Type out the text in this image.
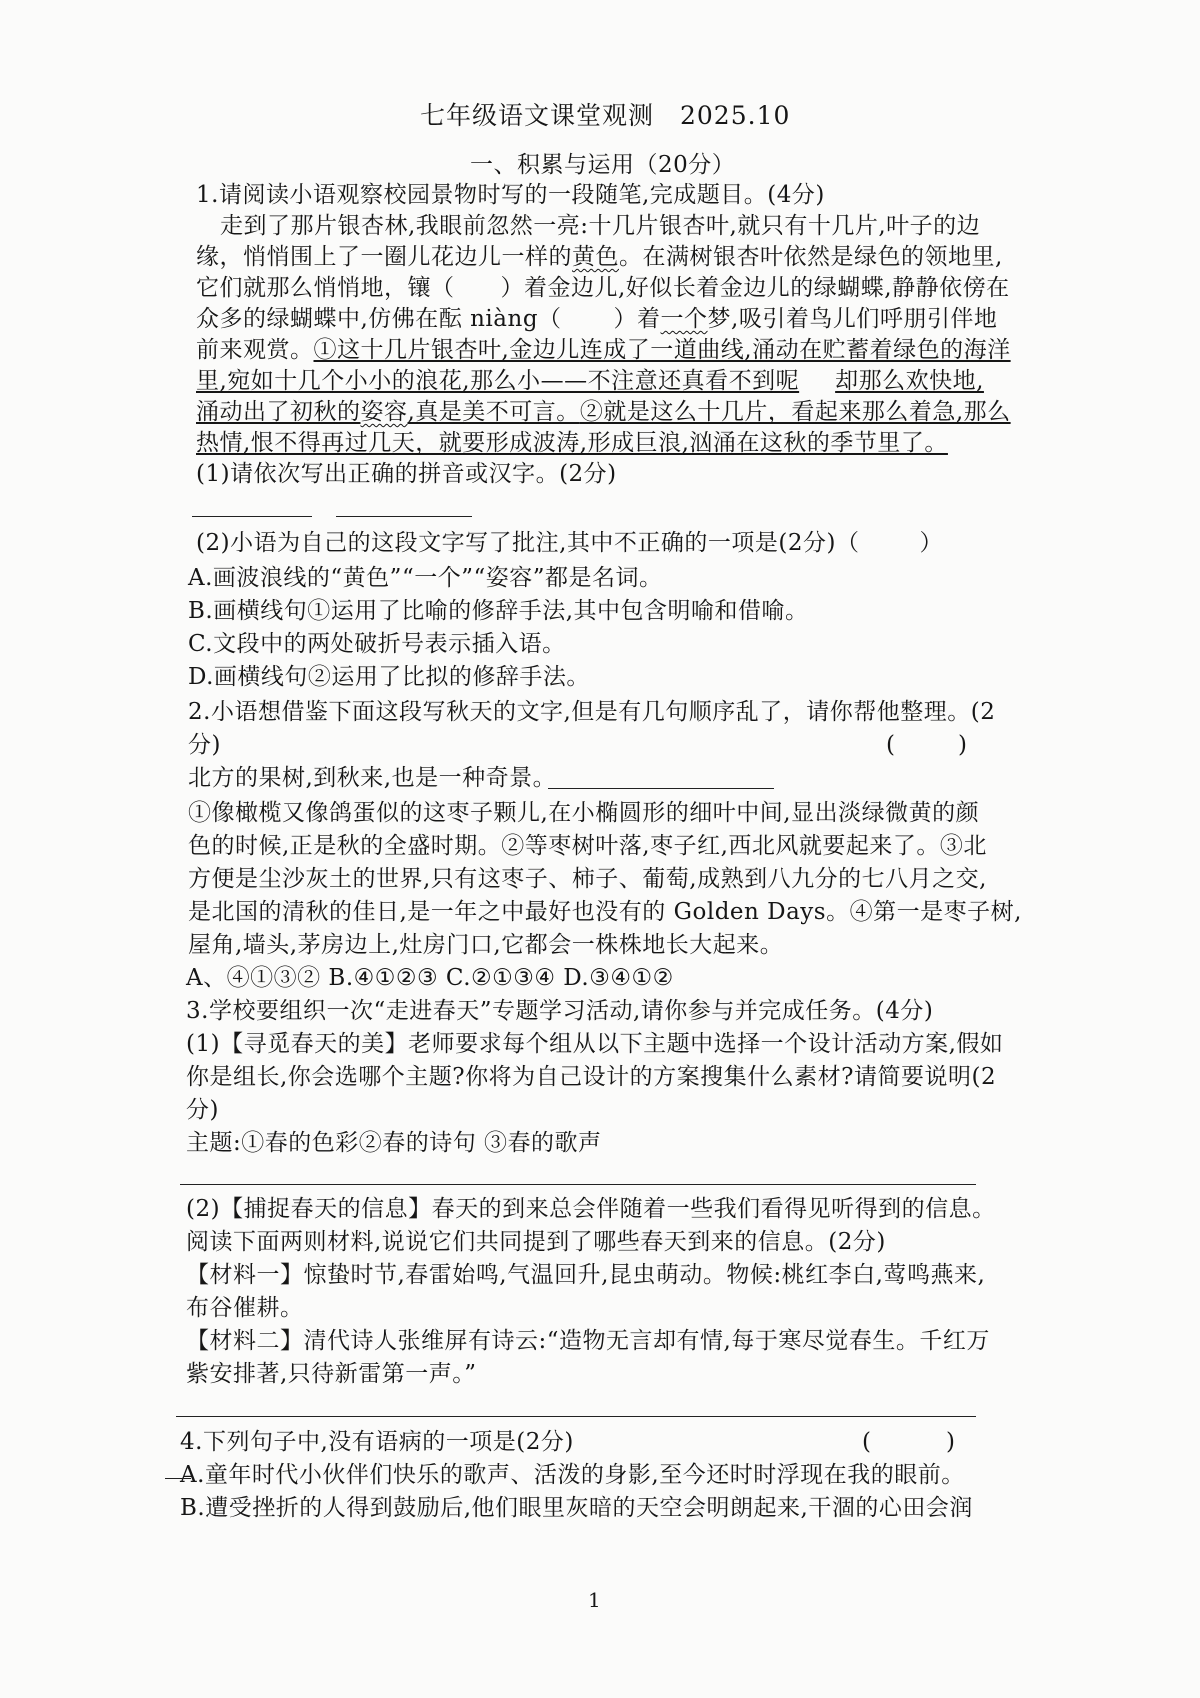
七年级语文课堂观测　2025.10
一、积累与运用（20分）
1.请阅读小语观察校园景物时写的一段随笔,完成题目。(4分)
走到了那片银杏林,我眼前忽然一亮:十几片银杏叶,就只有十几片,叶子的边
缘，悄悄围上了一圈儿花边儿一样的黄色。在满树银杏叶依然是绿色的领地里,
它们就那么悄悄地，镶（ ）着金边儿,好似长着金边儿的绿蝴蝶,静静依傍在
众多的绿蝴蝶中,仿佛在酝 niàng（ ）着一个梦,吸引着鸟儿们呼朋引伴地
前来观赏。①这十几片银杏叶,金边儿连成了一道曲线,涌动在贮蓄着绿色的海洋
里,宛如十几个小小的浪花,那么小——不注意还真看不到呢 却那么欢快地,
涌动出了初秋的姿容,真是美不可言。②就是这么十几片，看起来那么着急,那么
热情,恨不得再过几天，就要形成波涛,形成巨浪,汹涌在这秋的季节里了。
(1)请依次写出正确的拼音或汉字。(2分)
(2)小语为自己的这段文字写了批注,其中不正确的一项是(2分)（	）
A.画波浪线的“黄色”“一个”“姿容”都是名词。
B.画横线句①运用了比喻的修辞手法,其中包含明喻和借喻。
C.文段中的两处破折号表示插入语。
D.画横线句②运用了比拟的修辞手法。
2.小语想借鉴下面这段写秋天的文字,但是有几句顺序乱了，请你帮他整理。(2
分)	(	)
北方的果树,到秋来,也是一种奇景。
①像橄榄又像鸽蛋似的这枣子颗儿,在小椭圆形的细叶中间,显出淡绿微黄的颜
色的时候,正是秋的全盛时期。②等枣树叶落,枣子红,西北风就要起来了。③北
方便是尘沙灰土的世界,只有这枣子、柿子、葡萄,成熟到八九分的七八月之交,
是北国的清秋的佳日,是一年之中最好也没有的 Golden Days。④第一是枣子树,
屋角,墙头,茅房边上,灶房门口,它都会一株株地长大起来。
A、④①③② B.④①②③ C.②①③④ D.③④①②
3.学校要组织一次“走进春天”专题学习活动,请你参与并完成任务。(4分)
(1)【寻觅春天的美】老师要求每个组从以下主题中选择一个设计活动方案,假如
你是组长,你会选哪个主题?你将为自己设计的方案搜集什么素材?请简要说明(2
分)
主题:①春的色彩②春的诗句 ③春的歌声
(2)【捕捉春天的信息】春天的到来总会伴随着一些我们看得见听得到的信息。
阅读下面两则材料,说说它们共同提到了哪些春天到来的信息。(2分)
【材料一】惊蛰时节,春雷始鸣,气温回升,昆虫萌动。物候:桃红李白,莺鸣燕来,
布谷催耕。
【材料二】清代诗人张维屏有诗云:“造物无言却有情,每于寒尽觉春生。千红万
紫安排著,只待新雷第一声。”
4.下列句子中,没有语病的一项是(2分)	(	)
A.童年时代小伙伴们快乐的歌声、活泼的身影,至今还时时浮现在我的眼前。
B.遭受挫折的人得到鼓励后,他们眼里灰暗的天空会明朗起来,干涸的心田会润
1
